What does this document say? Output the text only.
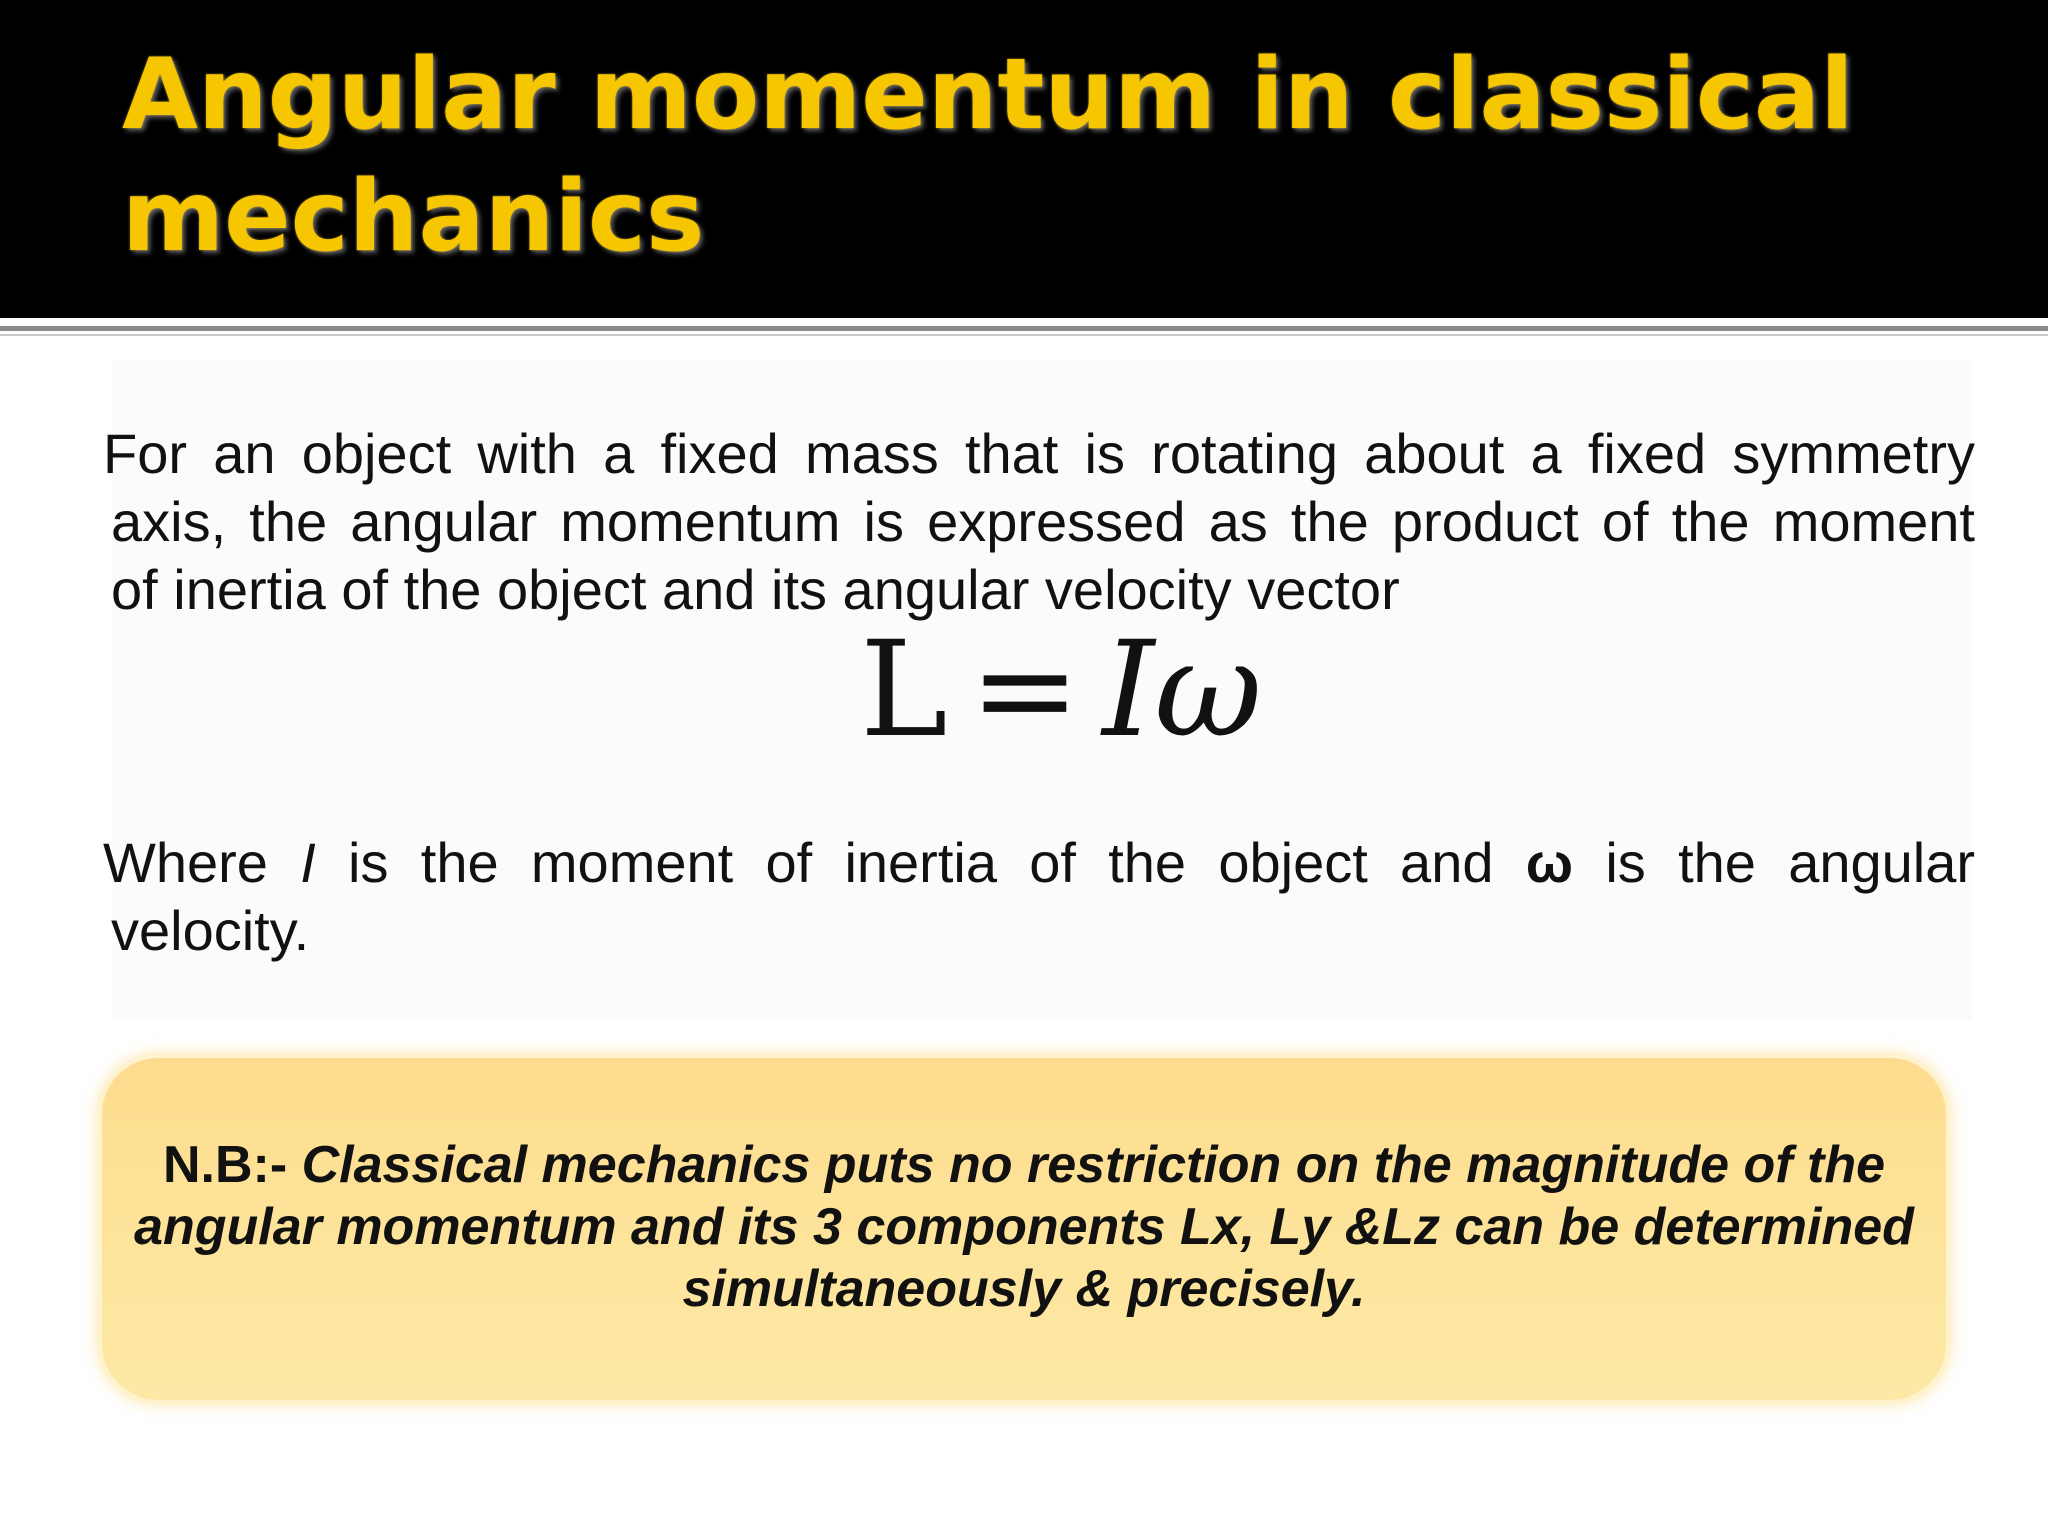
Angular momentum in classical
mechanics

For an object with a fixed mass that is rotating about a fixed symmetry
axis, the angular momentum is expressed as the product of the moment
of inertia of the object and its angular velocity vector

L = Iω

Where I is the moment of inertia of the object and ω is the angular
velocity.

N.B:- Classical mechanics puts no restriction on the magnitude of the
angular momentum and its 3 components Lx, Ly &Lz can be determined
simultaneously & precisely.
